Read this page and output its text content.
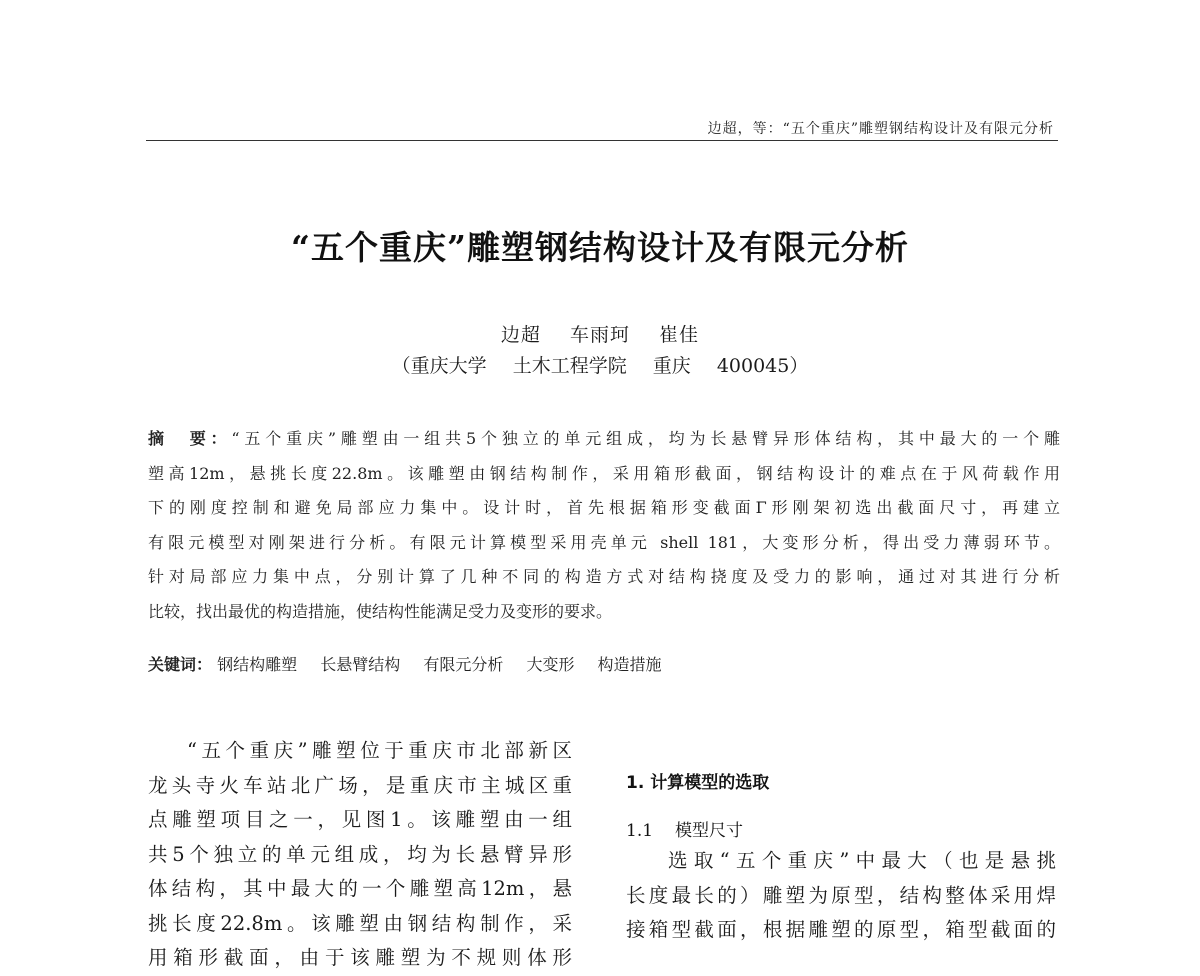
边超，等：“五个重庆”雕塑钢结构设计及有限元分析
“五个重庆”雕塑钢结构设计及有限元分析
边超 车雨珂 崔佳
（重庆大学 土木工程学院 重庆 400045）
摘　要：“五个重庆”雕塑由一组共5个独立的单元组成，均为长悬臂异形体结构，其中最大的一个雕
塑高12m，悬挑长度22.8m。该雕塑由钢结构制作，采用箱形截面，钢结构设计的难点在于风荷载作用
下的刚度控制和避免局部应力集中。设计时，首先根据箱形变截面Γ形刚架初选出截面尺寸，再建立
有限元模型对刚架进行分析。有限元计算模型采用壳单元 shell 181，大变形分析，得出受力薄弱环节。
针对局部应力集中点，分别计算了几种不同的构造方式对结构挠度及受力的影响，通过对其进行分析
比较，找出最优的构造措施，使结构性能满足受力及变形的要求。
关键词： 钢结构雕塑 长悬臂结构 有限元分析 大变形 构造措施
“五个重庆”雕塑位于重庆市北部新区
龙头寺火车站北广场，是重庆市主城区重
点雕塑项目之一，见图1。该雕塑由一组
共5个独立的单元组成，均为长悬臂异形
体结构，其中最大的一个雕塑高12m，悬
挑长度22.8m。该雕塑由钢结构制作，采
用箱形截面，由于该雕塑为不规则体形
1. 计算模型的选取
1.1 模型尺寸
选取“五个重庆”中最大（也是悬挑
长度最长的）雕塑为原型，结构整体采用焊
接箱型截面，根据雕塑的原型，箱型截面的
